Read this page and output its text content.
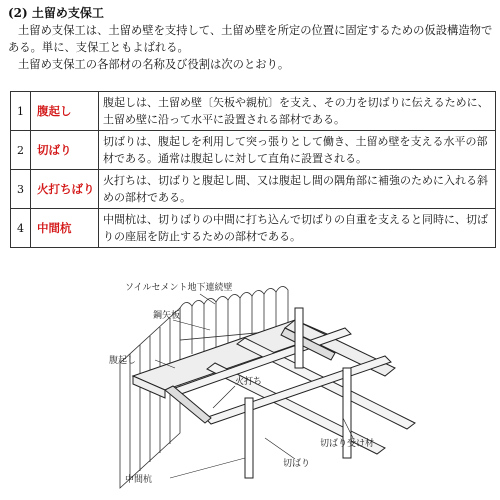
(2) 土留め支保工
土留め支保工は、土留め壁を支持して、土留め壁を所定の位置に固定するための仮設構造物である。単に、支保工ともよばれる。
土留め支保工の各部材の名称及び役割は次のとおり。
1	腹起し	腹起しは、土留め壁〔矢板や親杭〕を支え、その力を切ばりに伝えるために、土留め壁に沿って水平に設置される部材である。
2	切ばり	切ばりは、腹起しを利用して突っ張りとして働き、土留め壁を支える水平の部材である。通常は腹起しに対して直角に設置される。
3	火打ちばり	火打ちは、切ばりと腹起し間、又は腹起し間の隅角部に補強のために入れる斜めの部材である。
4	中間杭	中間杭は、切りばりの中間に打ち込んで切ばりの自重を支えると同時に、切ばりの座屈を防止するための部材である。
ソイルセメント地下連続壁
鋼矢板
腹起し
火打ち
切ばり受け材
中間杭
切ばり
